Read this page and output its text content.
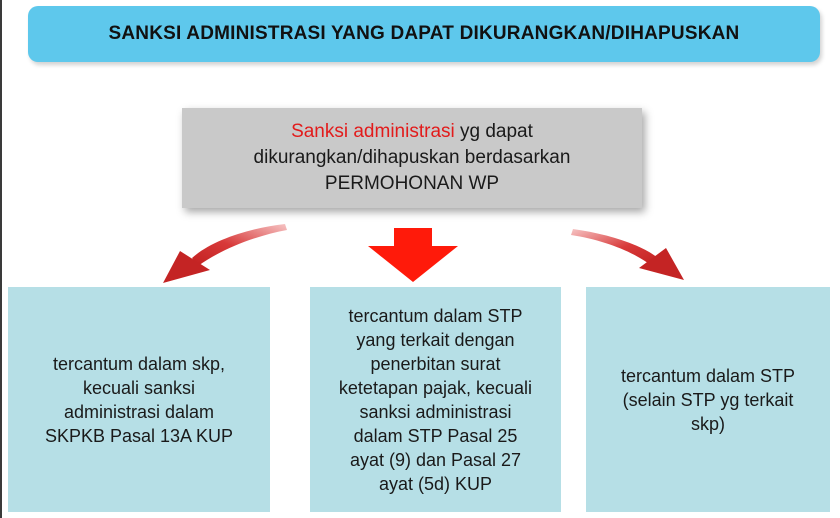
SANKSI ADMINISTRASI YANG DAPAT DIKURANGKAN/DIHAPUSKAN
Sanksi administrasi yg dapat
dikurangkan/dihapuskan berdasarkan
PERMOHONAN WP
tercantum dalam skp,
kecuali sanksi
administrasi dalam
SKPKB Pasal 13A KUP
tercantum dalam STP
yang terkait dengan
penerbitan surat
ketetapan pajak, kecuali
sanksi administrasi
dalam STP Pasal 25
ayat (9) dan Pasal 27
ayat (5d) KUP
tercantum dalam STP
(selain STP yg terkait
skp)
